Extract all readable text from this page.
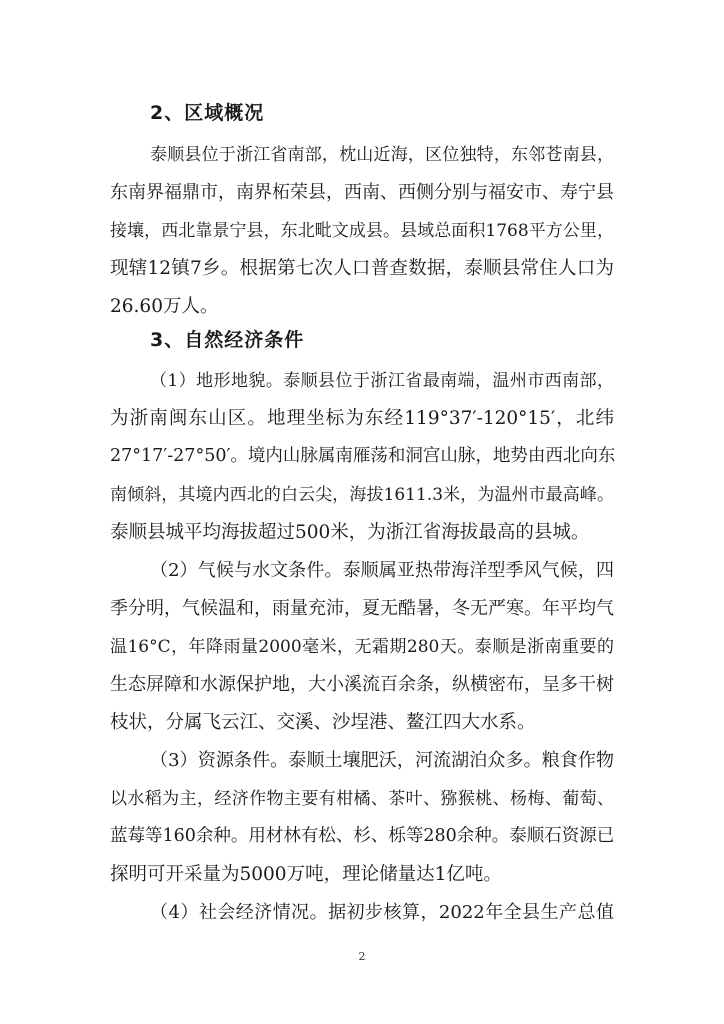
2、区域概况
泰顺县位于浙江省南部，枕山近海，区位独特，东邻苍南县，
东南界福鼎市，南界柘荣县，西南、西侧分别与福安市、寿宁县
接壤，西北靠景宁县，东北毗文成县。县域总面积1768平方公里，
现辖12镇7乡。根据第七次人口普查数据，泰顺县常住人口为
26.60万人。
3、自然经济条件
（1）地形地貌。泰顺县位于浙江省最南端，温州市西南部，
为浙南闽东山区。地理坐标为东经119°37′-120°15′，北纬
27°17′-27°50′。境内山脉属南雁荡和洞宫山脉，地势由西北向东
南倾斜，其境内西北的白云尖，海拔1611.3米，为温州市最高峰。
泰顺县城平均海拔超过500米，为浙江省海拔最高的县城。
（2）气候与水文条件。泰顺属亚热带海洋型季风气候，四
季分明，气候温和，雨量充沛，夏无酷暑，冬无严寒。年平均气
温16°C，年降雨量2000毫米，无霜期280天。泰顺是浙南重要的
生态屏障和水源保护地，大小溪流百余条，纵横密布，呈多干树
枝状，分属飞云江、交溪、沙埕港、鳌江四大水系。
（3）资源条件。泰顺土壤肥沃，河流湖泊众多。粮食作物
以水稻为主，经济作物主要有柑橘、茶叶、猕猴桃、杨梅、葡萄、
蓝莓等160余种。用材林有松、杉、栎等280余种。泰顺石资源已
探明可开采量为5000万吨，理论储量达1亿吨。
（4）社会经济情况。据初步核算，2022年全县生产总值
2
